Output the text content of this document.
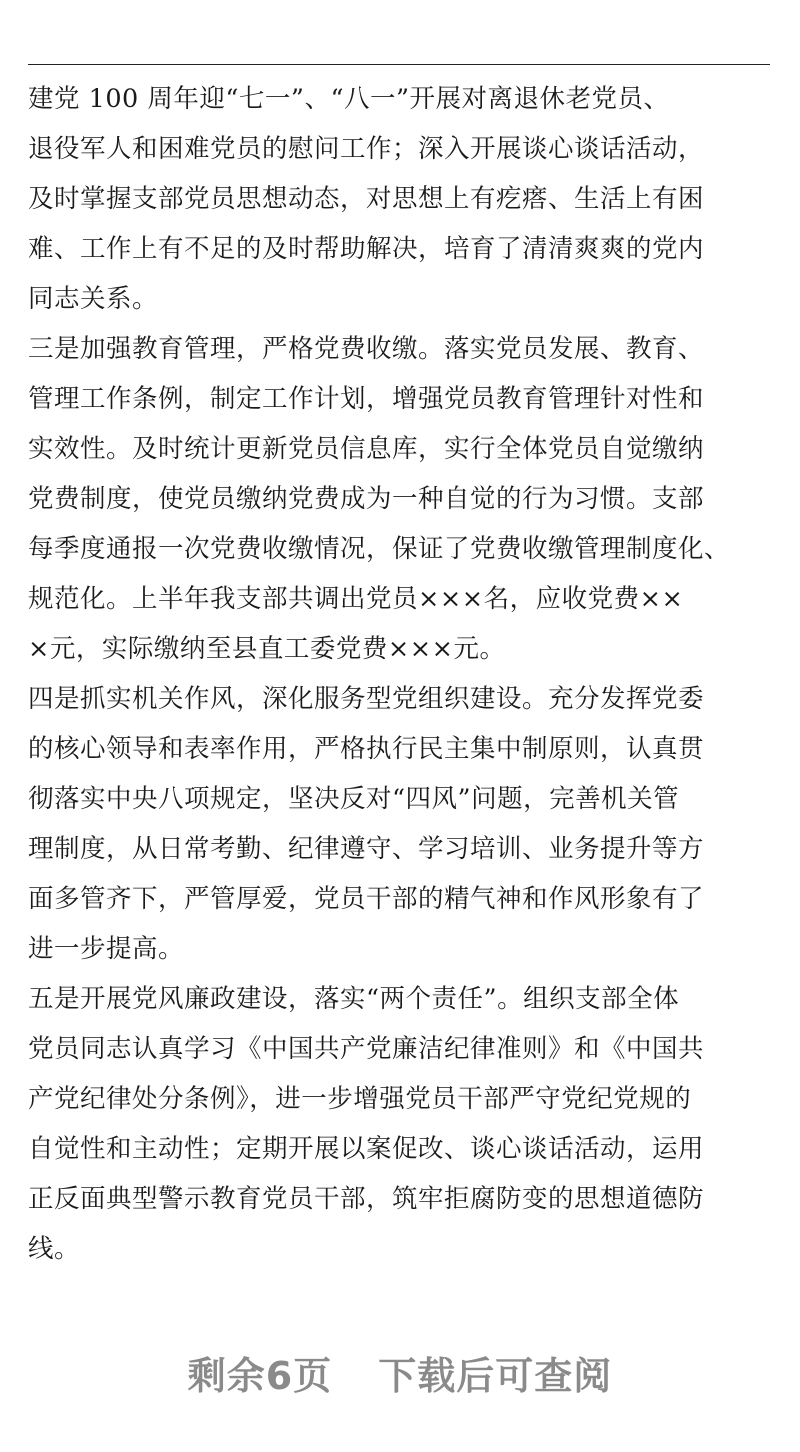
建党 100 周年迎“七一”、“八一”开展对离退休老党员、
退役军人和困难党员的慰问工作；深入开展谈心谈话活动，
及时掌握支部党员思想动态，对思想上有疙瘩、生活上有困
难、工作上有不足的及时帮助解决，培育了清清爽爽的党内
同志关系。
三是加强教育管理，严格党费收缴。落实党员发展、教育、
管理工作条例，制定工作计划，增强党员教育管理针对性和
实效性。及时统计更新党员信息库，实行全体党员自觉缴纳
党费制度，使党员缴纳党费成为一种自觉的行为习惯。支部
每季度通报一次党费收缴情况，保证了党费收缴管理制度化、
规范化。上半年我支部共调出党员×××名，应收党费××
×元，实际缴纳至县直工委党费×××元。
四是抓实机关作风，深化服务型党组织建设。充分发挥党委
的核心领导和表率作用，严格执行民主集中制原则，认真贯
彻落实中央八项规定，坚决反对“四风”问题，完善机关管
理制度，从日常考勤、纪律遵守、学习培训、业务提升等方
面多管齐下，严管厚爱，党员干部的精气神和作风形象有了
进一步提高。
五是开展党风廉政建设，落实“两个责任”。组织支部全体
党员同志认真学习《中国共产党廉洁纪律准则》和《中国共
产党纪律处分条例》，进一步增强党员干部严守党纪党规的
自觉性和主动性；定期开展以案促改、谈心谈话活动，运用
正反面典型警示教育党员干部，筑牢拒腐防变的思想道德防
线。
剩余6页 下载后可查阅
